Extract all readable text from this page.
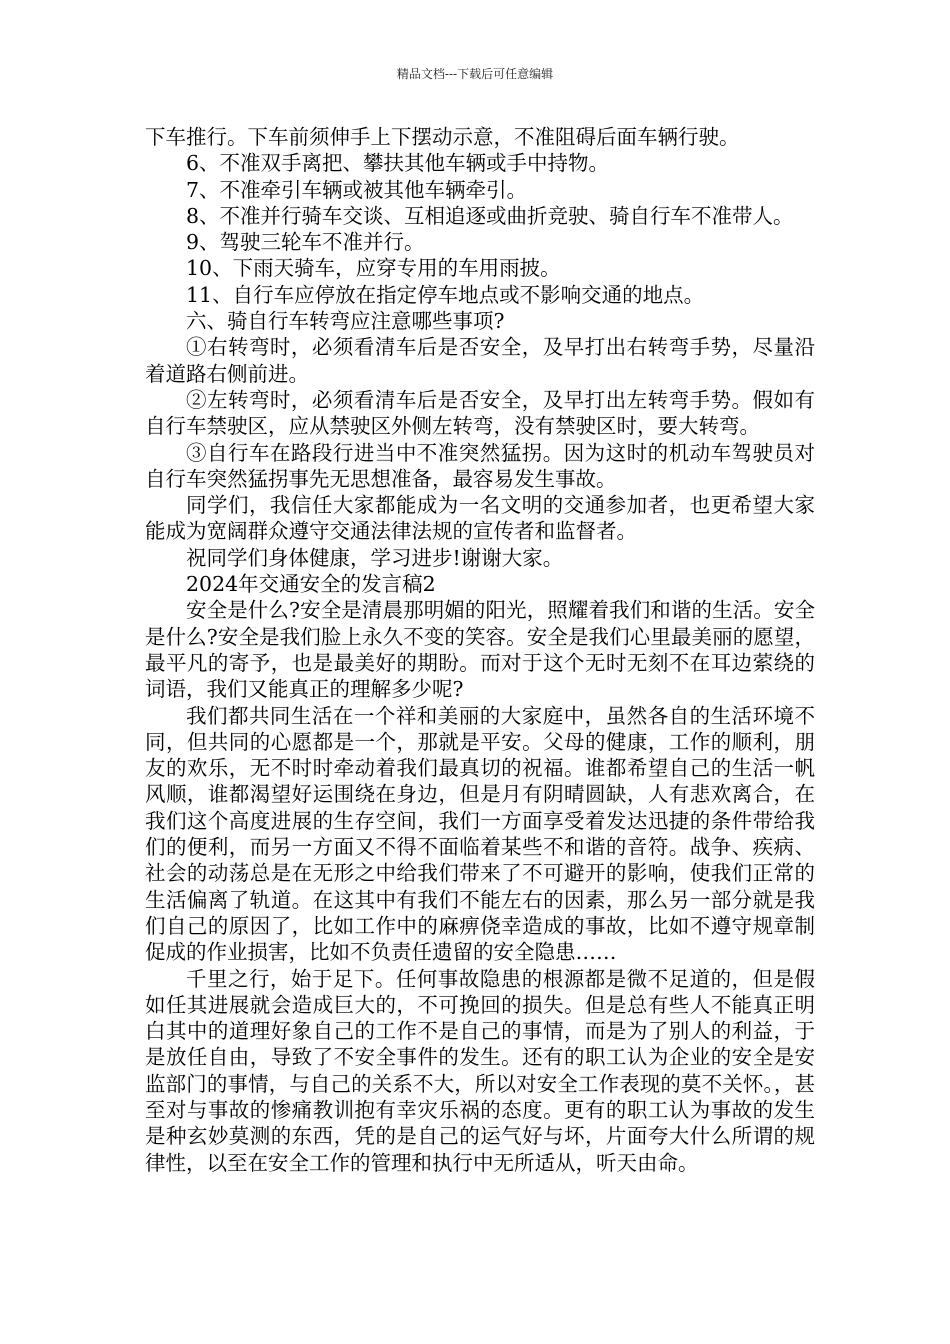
精品文档---下载后可任意编辑

下车推行。下车前须伸手上下摆动示意，不准阻碍后面车辆行驶。

6、不准双手离把、攀扶其他车辆或手中持物。

7、不准牵引车辆或被其他车辆牵引。

8、不准并行骑车交谈、互相追逐或曲折竞驶、骑自行车不准带人。

9、驾驶三轮车不准并行。

10、下雨天骑车，应穿专用的车用雨披。

11、自行车应停放在指定停车地点或不影响交通的地点。

六、骑自行车转弯应注意哪些事项?

①右转弯时，必须看清车后是否安全，及早打出右转弯手势，尽量沿着道路右侧前进。

②左转弯时，必须看清车后是否安全，及早打出左转弯手势。假如有自行车禁驶区，应从禁驶区外侧左转弯，没有禁驶区时，要大转弯。

③自行车在路段行进当中不准突然猛拐。因为这时的机动车驾驶员对自行车突然猛拐事先无思想准备，最容易发生事故。

同学们，我信任大家都能成为一名文明的交通参加者，也更希望大家能成为宽阔群众遵守交通法律法规的宣传者和监督者。

祝同学们身体健康，学习进步!谢谢大家。

2024年交通安全的发言稿2

安全是什么?安全是清晨那明媚的阳光，照耀着我们和谐的生活。安全是什么?安全是我们脸上永久不变的笑容。安全是我们心里最美丽的愿望，最平凡的寄予，也是最美好的期盼。而对于这个无时无刻不在耳边萦绕的词语，我们又能真正的理解多少呢?

我们都共同生活在一个祥和美丽的大家庭中，虽然各自的生活环境不同，但共同的心愿都是一个，那就是平安。父母的健康，工作的顺利，朋友的欢乐，无不时时牵动着我们最真切的祝福。谁都希望自己的生活一帆风顺，谁都渴望好运围绕在身边，但是月有阴晴圆缺，人有悲欢离合，在我们这个高度进展的生存空间，我们一方面享受着发达迅捷的条件带给我们的便利，而另一方面又不得不面临着某些不和谐的音符。战争、疾病、社会的动荡总是在无形之中给我们带来了不可避开的影响，使我们正常的生活偏离了轨道。在这其中有我们不能左右的因素，那么另一部分就是我们自己的原因了，比如工作中的麻痹侥幸造成的事故，比如不遵守规章制促成的作业损害，比如不负责任遗留的安全隐患……

千里之行，始于足下。任何事故隐患的根源都是微不足道的，但是假如任其进展就会造成巨大的，不可挽回的损失。但是总有些人不能真正明白其中的道理好象自己的工作不是自己的事情，而是为了别人的利益，于是放任自由，导致了不安全事件的发生。还有的职工认为企业的安全是安监部门的事情，与自己的关系不大，所以对安全工作表现的莫不关怀。，甚至对与事故的惨痛教训抱有幸灾乐祸的态度。更有的职工认为事故的发生是种玄妙莫测的东西，凭的是自己的运气好与坏，片面夸大什么所谓的规律性，以至在安全工作的管理和执行中无所适从，听天由命。
